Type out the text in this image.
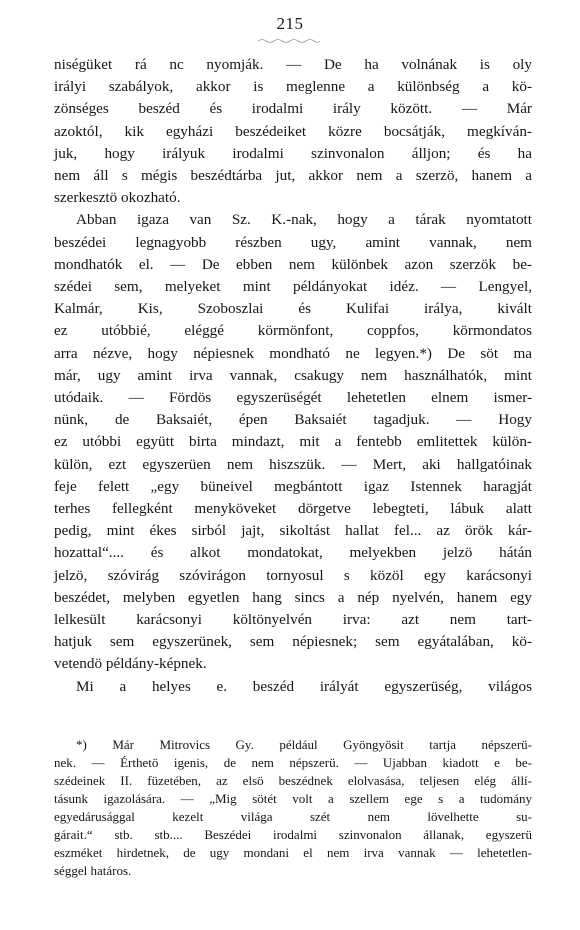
215

niségüket rá nc nyomják. — De ha volnának is oly
irályi szabályok, akkor is meglenne a különbség a kö-
zönséges beszéd és irodalmi irály között. — Már
azoktól, kik egyházi beszédeiket közre bocsátják, megkíván-
juk, hogy irályuk irodalmi szinvonalon álljon; és ha
nem áll s mégis beszédtárba jut, akkor nem a szerzö, hanem a
szerkesztö okozható.

Abban igaza van Sz. K.-nak, hogy a tárak nyomtatott
beszédei legnagyobb részben ugy, amint vannak, nem
mondhatók el. — De ebben nem különbek azon szerzök be-
szédei sem, melyeket mint példányokat idéz. — Lengyel,
Kalmár, Kis, Szoboszlai és Kulifai irálya, kivált
ez utóbbié, eléggé körmönfont, coppfos, körmondatos
arra nézve, hogy népiesnek mondható ne legyen.*) De söt ma
már, ugy amint irva vannak, csakugy nem használhatók, mint
utódaik. — Fördös egyszerüségét lehetetlen elnem ismer-
nünk, de Baksaiét, épen Baksaiét tagadjuk. — Hogy
ez utóbbi együtt birta mindazt, mit a fentebb emlitettek külön-
külön, ezt egyszerüen nem hiszszük. — Mert, aki hallgatóinak
feje felett „egy büneivel megbántott igaz Istennek haragját
terhes fellegként menyköveket dörgetve lebegteti, lábuk alatt
pedig, mint ékes sirból jajt, sikoltást hallat fel... az örök kár-
hozattal“.... és alkot mondatokat, melyekben jelzö hátán
jelzö, szóvirág szóvirágon tornyosul s közöl egy karácsonyi
beszédet, melyben egyetlen hang sincs a nép nyelvén, hanem egy
lelkesült karácsonyi költönyelvén irva: azt nem tart-
hatjuk sem egyszerünek, sem népiesnek; sem egyátalában, kö-
vetendö példány-képnek.

Mi a helyes e. beszéd irályát egyszerüség, világos

*) Már Mitrovics Gy. például Gyöngyösit tartja népszerü-
nek. — Érthetö igenis, de nem népszerü. — Ujabban kiadott e be-
szédeinek II. füzetében, az elsö beszédnek elolvasása, teljesen elég állí-
tásunk igazolására. — „Mig sötét volt a szellem ege s a tudomány
egyedárusággal kezelt világa szét nem lövelhette su-
gárait.“ stb. stb.... Beszédei irodalmi szinvonalon állanak, egyszerü
eszméket hirdetnek, de ugy mondani el nem irva vannak — lehetetlen-
séggel határos.
